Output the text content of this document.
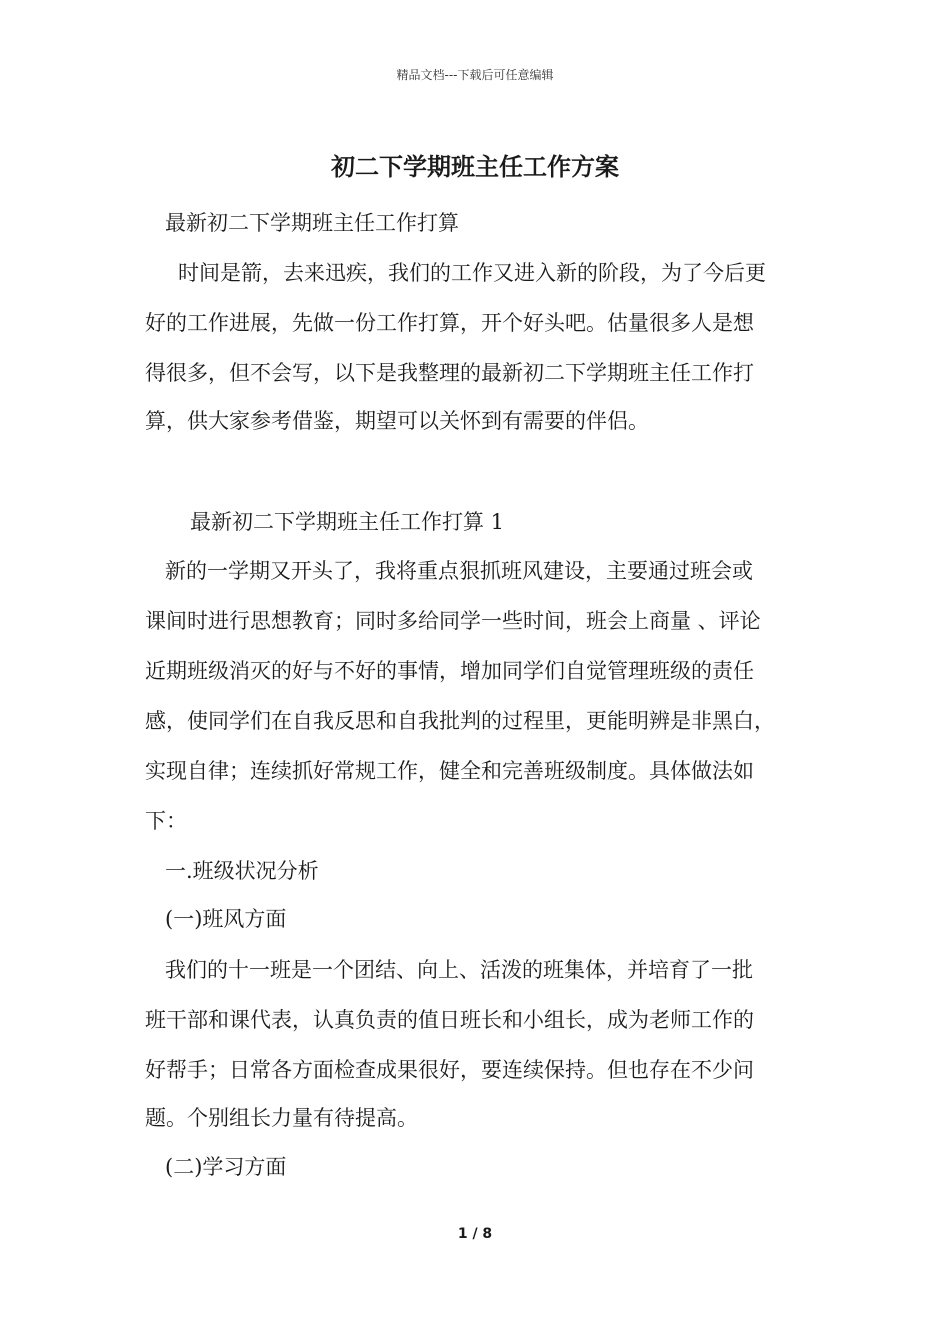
精品文档---下载后可任意编辑
初二下学期班主任工作方案

最新初二下学期班主任工作打算

时间是箭，去来迅疾，我们的工作又进入新的阶段，为了今后更

好的工作进展，先做一份工作打算，开个好头吧。估量很多人是想

得很多，但不会写，以下是我整理的最新初二下学期班主任工作打

算，供大家参考借鉴，期望可以关怀到有需要的伴侣。

最新初二下学期班主任工作打算 1

新的一学期又开头了，我将重点狠抓班风建设，主要通过班会或

课间时进行思想教育；同时多给同学一些时间，班会上商量 、评论

近期班级消灭的好与不好的事情，增加同学们自觉管理班级的责任

感，使同学们在自我反思和自我批判的过程里，更能明辨是非黑白，

实现自律；连续抓好常规工作，健全和完善班级制度。具体做法如

下：

一.班级状况分析

(一)班风方面

我们的十一班是一个团结、向上、活泼的班集体，并培育了一批

班干部和课代表，认真负责的值日班长和小组长，成为老师工作的

好帮手；日常各方面检查成果很好，要连续保持。但也存在不少问

题。个别组长力量有待提高。

(二)学习方面

1 / 8
